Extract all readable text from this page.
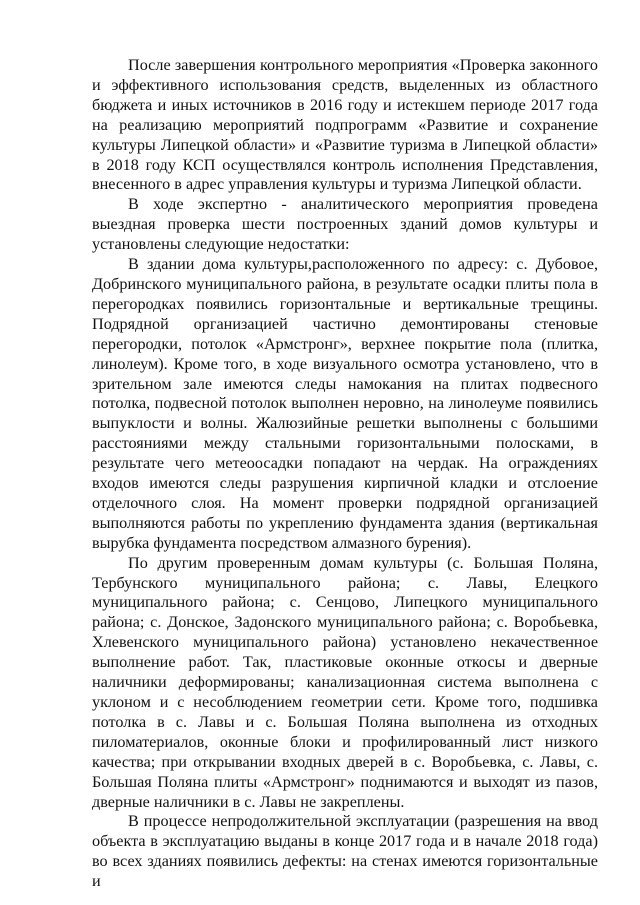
После завершения контрольного мероприятия «Проверка законного и эффективного использования средств, выделенных из областного бюджета и иных источников в 2016 году и истекшем периоде 2017 года на реализацию мероприятий подпрограмм «Развитие и сохранение культуры Липецкой области» и «Развитие туризма в Липецкой области» в 2018 году КСП осуществлялся контроль исполнения Представления, внесенного в адрес управления культуры и туризма Липецкой области.

В ходе экспертно - аналитического мероприятия проведена выездная проверка шести построенных зданий домов культуры и установлены следующие недостатки:

В здании дома культуры,расположенного по адресу: с. Дубовое, Добринского муниципального района, в результате осадки плиты пола в перегородках появились горизонтальные и вертикальные трещины. Подрядной организацией частично демонтированы стеновые перегородки, потолок «Армстронг», верхнее покрытие пола (плитка, линолеум). Кроме того, в ходе визуального осмотра установлено, что в зрительном зале имеются следы намокания на плитах подвесного потолка, подвесной потолок выполнен неровно, на линолеуме появились выпуклости и волны. Жалюзийные решетки выполнены с большими расстояниями между стальными горизонтальными полосками, в результате чего метеоосадки попадают на чердак. На ограждениях входов имеются следы разрушения кирпичной кладки и отслоение отделочного слоя. На момент проверки подрядной организацией выполняются работы по укреплению фундамента здания (вертикальная вырубка фундамента посредством алмазного бурения).

По другим проверенным домам культуры (с. Большая Поляна, Тербунского муниципального района; с. Лавы, Елецкого муниципального района; с. Сенцово, Липецкого муниципального района; с. Донское, Задонского муниципального района; с. Воробьевка, Хлевенского муниципального района) установлено некачественное выполнение работ. Так, пластиковые оконные откосы и дверные наличники деформированы; канализационная система выполнена с уклоном и с несоблюдением геометрии сети. Кроме того, подшивка потолка в с. Лавы и с. Большая Поляна выполнена из отходных пиломатериалов, оконные блоки и профилированный лист низкого качества; при открывании входных дверей в с. Воробьевка, с. Лавы, с. Большая Поляна плиты «Армстронг» поднимаются и выходят из пазов, дверные наличники в с. Лавы не закреплены.

В процессе непродолжительной эксплуатации (разрешения на ввод объекта в эксплуатацию выданы в конце 2017 года и в начале 2018 года) во всех зданиях появились дефекты: на стенах имеются горизонтальные и
